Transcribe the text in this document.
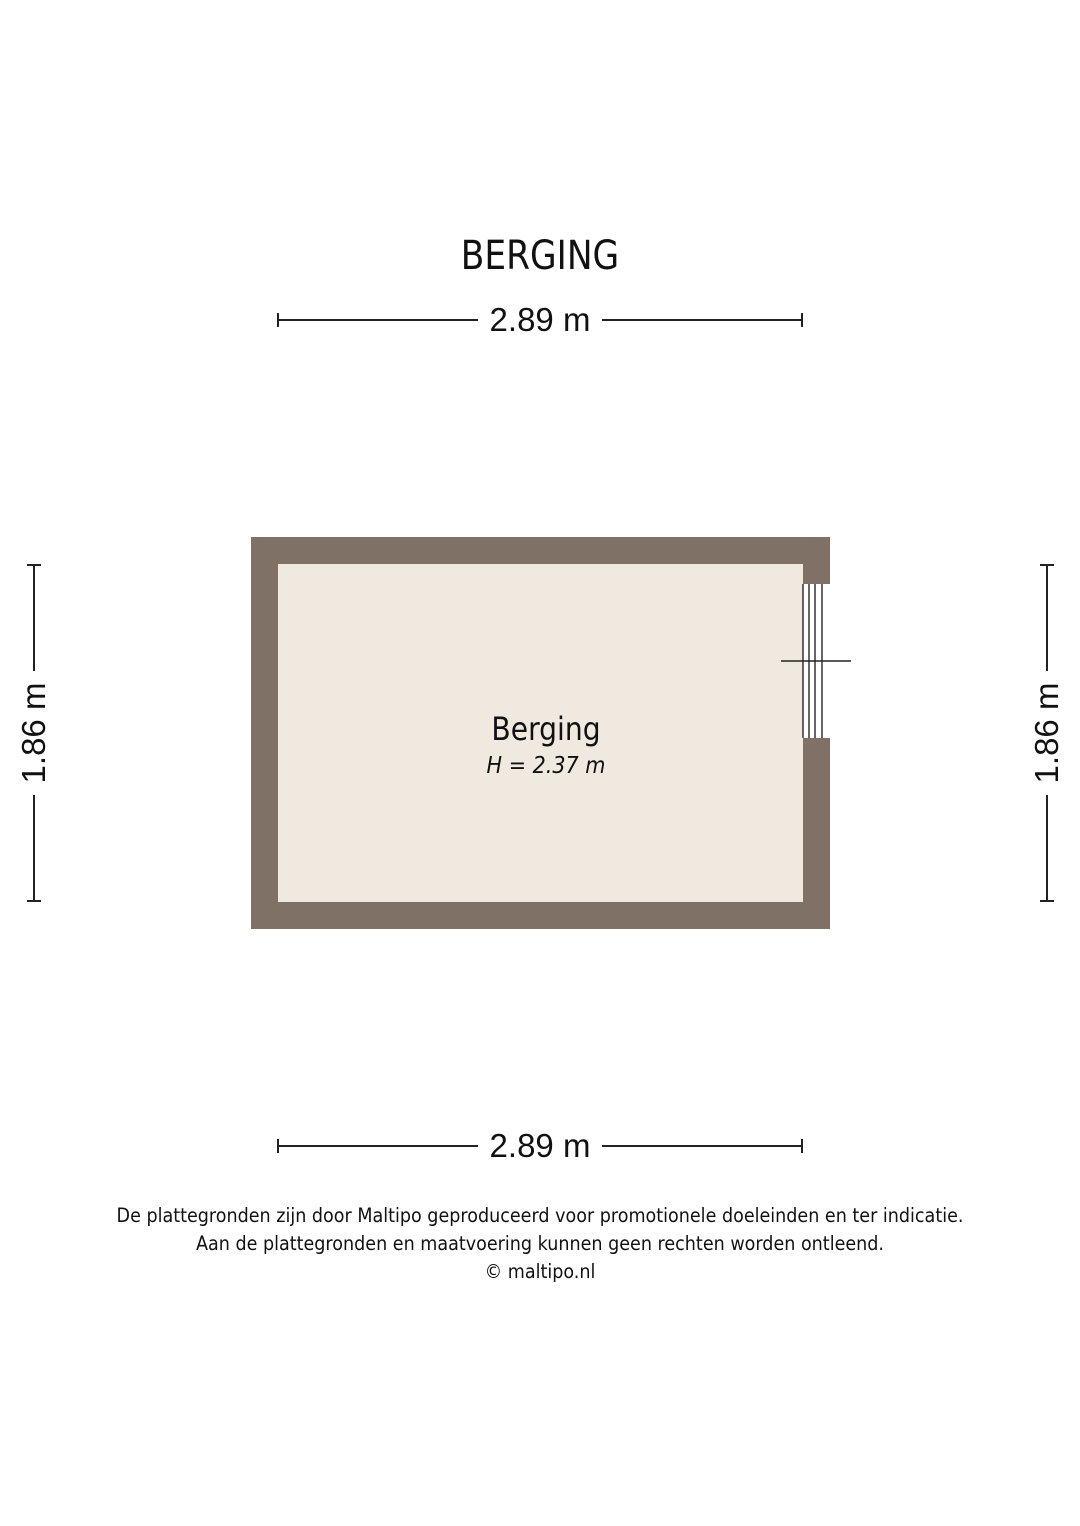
BERGING
2.89 m
2.89 m
1.86 m	1.86 m
Berging
H = 2.37 m
De plattegronden zijn door Maltipo geproduceerd voor promotionele doeleinden en ter indicatie.
Aan de plattegronden en maatvoering kunnen geen rechten worden ontleend.
© maltipo.nl
